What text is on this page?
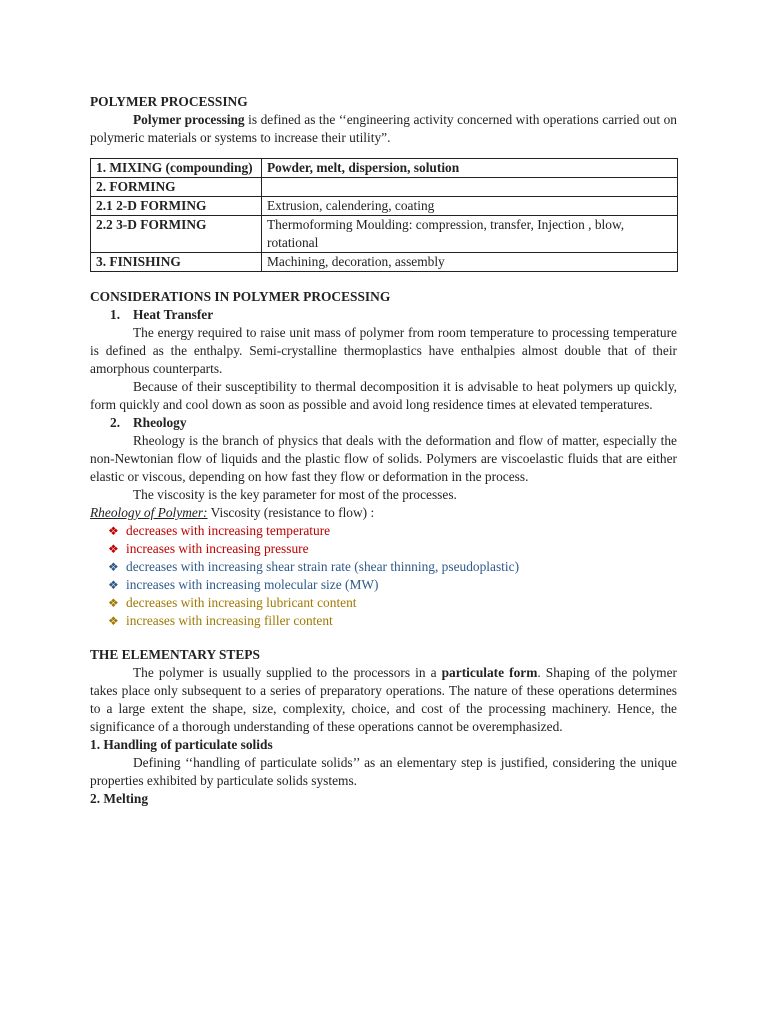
POLYMER PROCESSING

Polymer processing is defined as the ‘‘engineering activity concerned with operations carried out on polymeric materials or systems to increase their utility”.

1. MIXING (compounding)	Powder, melt, dispersion, solution
2. FORMING	
2.1 2-D FORMING	Extrusion, calendering, coating
2.2 3-D FORMING	Thermoforming Moulding: compression, transfer, Injection , blow, rotational
3. FINISHING	Machining, decoration, assembly
CONSIDERATIONS IN POLYMER PROCESSING
1. Heat Transfer

The energy required to raise unit mass of polymer from room temperature to processing temperature is defined as the enthalpy. Semi-crystalline thermoplastics have enthalpies almost double that of their amorphous counterparts.

Because of their susceptibility to thermal decomposition it is advisable to heat polymers up quickly, form quickly and cool down as soon as possible and avoid long residence times at elevated temperatures.

2. Rheology

Rheology is the branch of physics that deals with the deformation and flow of matter, especially the non-Newtonian flow of liquids and the plastic flow of solids. Polymers are viscoelastic fluids that are either elastic or viscous, depending on how fast they flow or deformation in the process.

The viscosity is the key parameter for most of the processes.

Rheology of Polymer: Viscosity (resistance to flow) :

❖ decreases with increasing temperature
❖ increases with increasing pressure
❖ decreases with increasing shear strain rate (shear thinning, pseudoplastic)
❖ increases with increasing molecular size (MW)
❖ decreases with increasing lubricant content
❖ increases with increasing filler content
THE ELEMENTARY STEPS

The polymer is usually supplied to the processors in a particulate form. Shaping of the polymer takes place only subsequent to a series of preparatory operations. The nature of these operations determines to a large extent the shape, size, complexity, choice, and cost of the processing machinery. Hence, the significance of a thorough understanding of these operations cannot be overemphasized.

1. Handling of particulate solids

Defining ‘‘handling of particulate solids’’ as an elementary step is justified, considering the unique properties exhibited by particulate solids systems.

2. Melting
